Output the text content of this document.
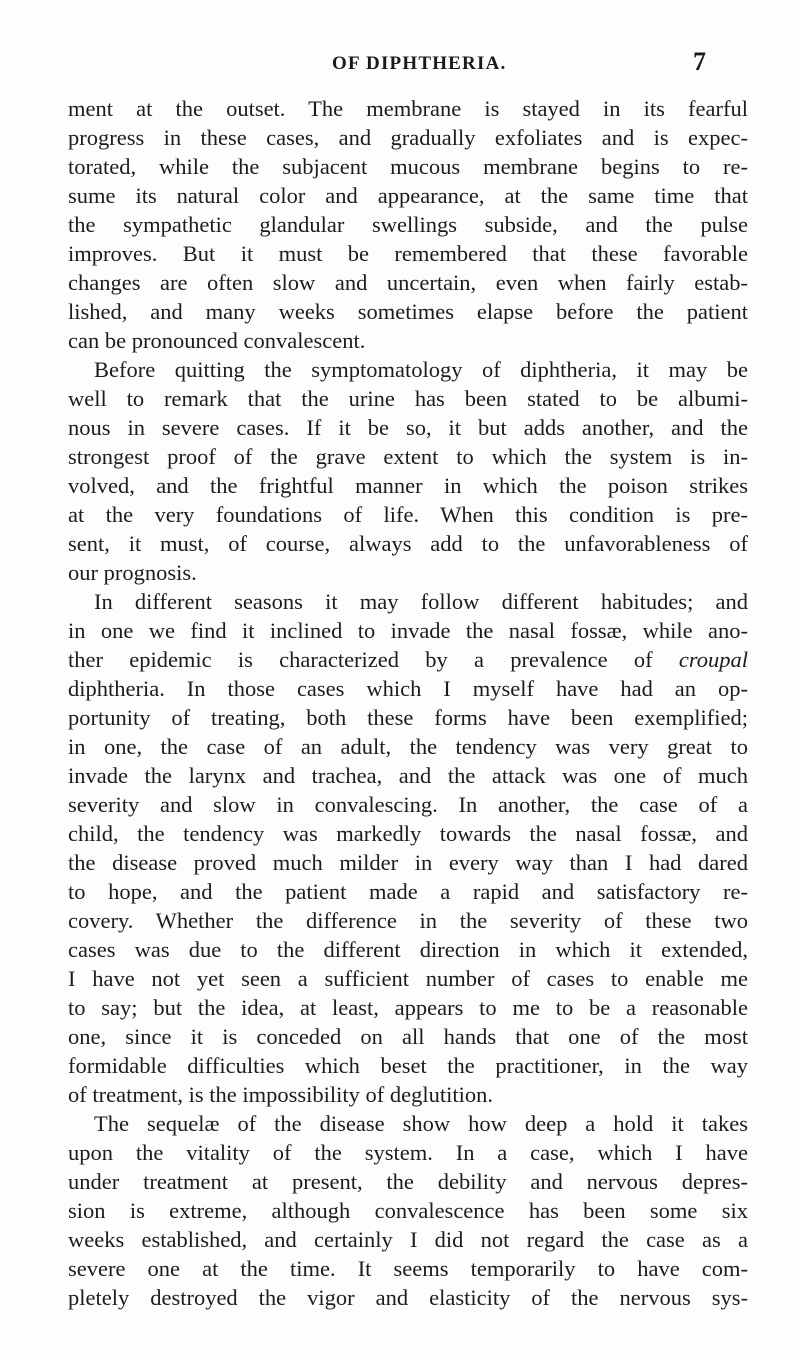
OF DIPHTHERIA.	7
ment at the outset. The membrane is stayed in its fearful
progress in these cases, and gradually exfoliates and is expec-
torated, while the subjacent mucous membrane begins to re-
sume its natural color and appearance, at the same time that
the sympathetic glandular swellings subside, and the pulse
improves. But it must be remembered that these favorable
changes are often slow and uncertain, even when fairly estab-
lished, and many weeks sometimes elapse before the patient
can be pronounced convalescent.
Before quitting the symptomatology of diphtheria, it may be
well to remark that the urine has been stated to be albumi-
nous in severe cases. If it be so, it but adds another, and the
strongest proof of the grave extent to which the system is in-
volved, and the frightful manner in which the poison strikes
at the very foundations of life. When this condition is pre-
sent, it must, of course, always add to the unfavorableness of
our prognosis.
In different seasons it may follow different habitudes; and
in one we find it inclined to invade the nasal fossæ, while ano-
ther epidemic is characterized by a prevalence of croupal
diphtheria. In those cases which I myself have had an op-
portunity of treating, both these forms have been exemplified;
in one, the case of an adult, the tendency was very great to
invade the larynx and trachea, and the attack was one of much
severity and slow in convalescing. In another, the case of a
child, the tendency was markedly towards the nasal fossæ, and
the disease proved much milder in every way than I had dared
to hope, and the patient made a rapid and satisfactory re-
covery. Whether the difference in the severity of these two
cases was due to the different direction in which it extended,
I have not yet seen a sufficient number of cases to enable me
to say; but the idea, at least, appears to me to be a reasonable
one, since it is conceded on all hands that one of the most
formidable difficulties which beset the practitioner, in the way
of treatment, is the impossibility of deglutition.
The sequelæ of the disease show how deep a hold it takes
upon the vitality of the system. In a case, which I have
under treatment at present, the debility and nervous depres-
sion is extreme, although convalescence has been some six
weeks established, and certainly I did not regard the case as a
severe one at the time. It seems temporarily to have com-
pletely destroyed the vigor and elasticity of the nervous sys-
